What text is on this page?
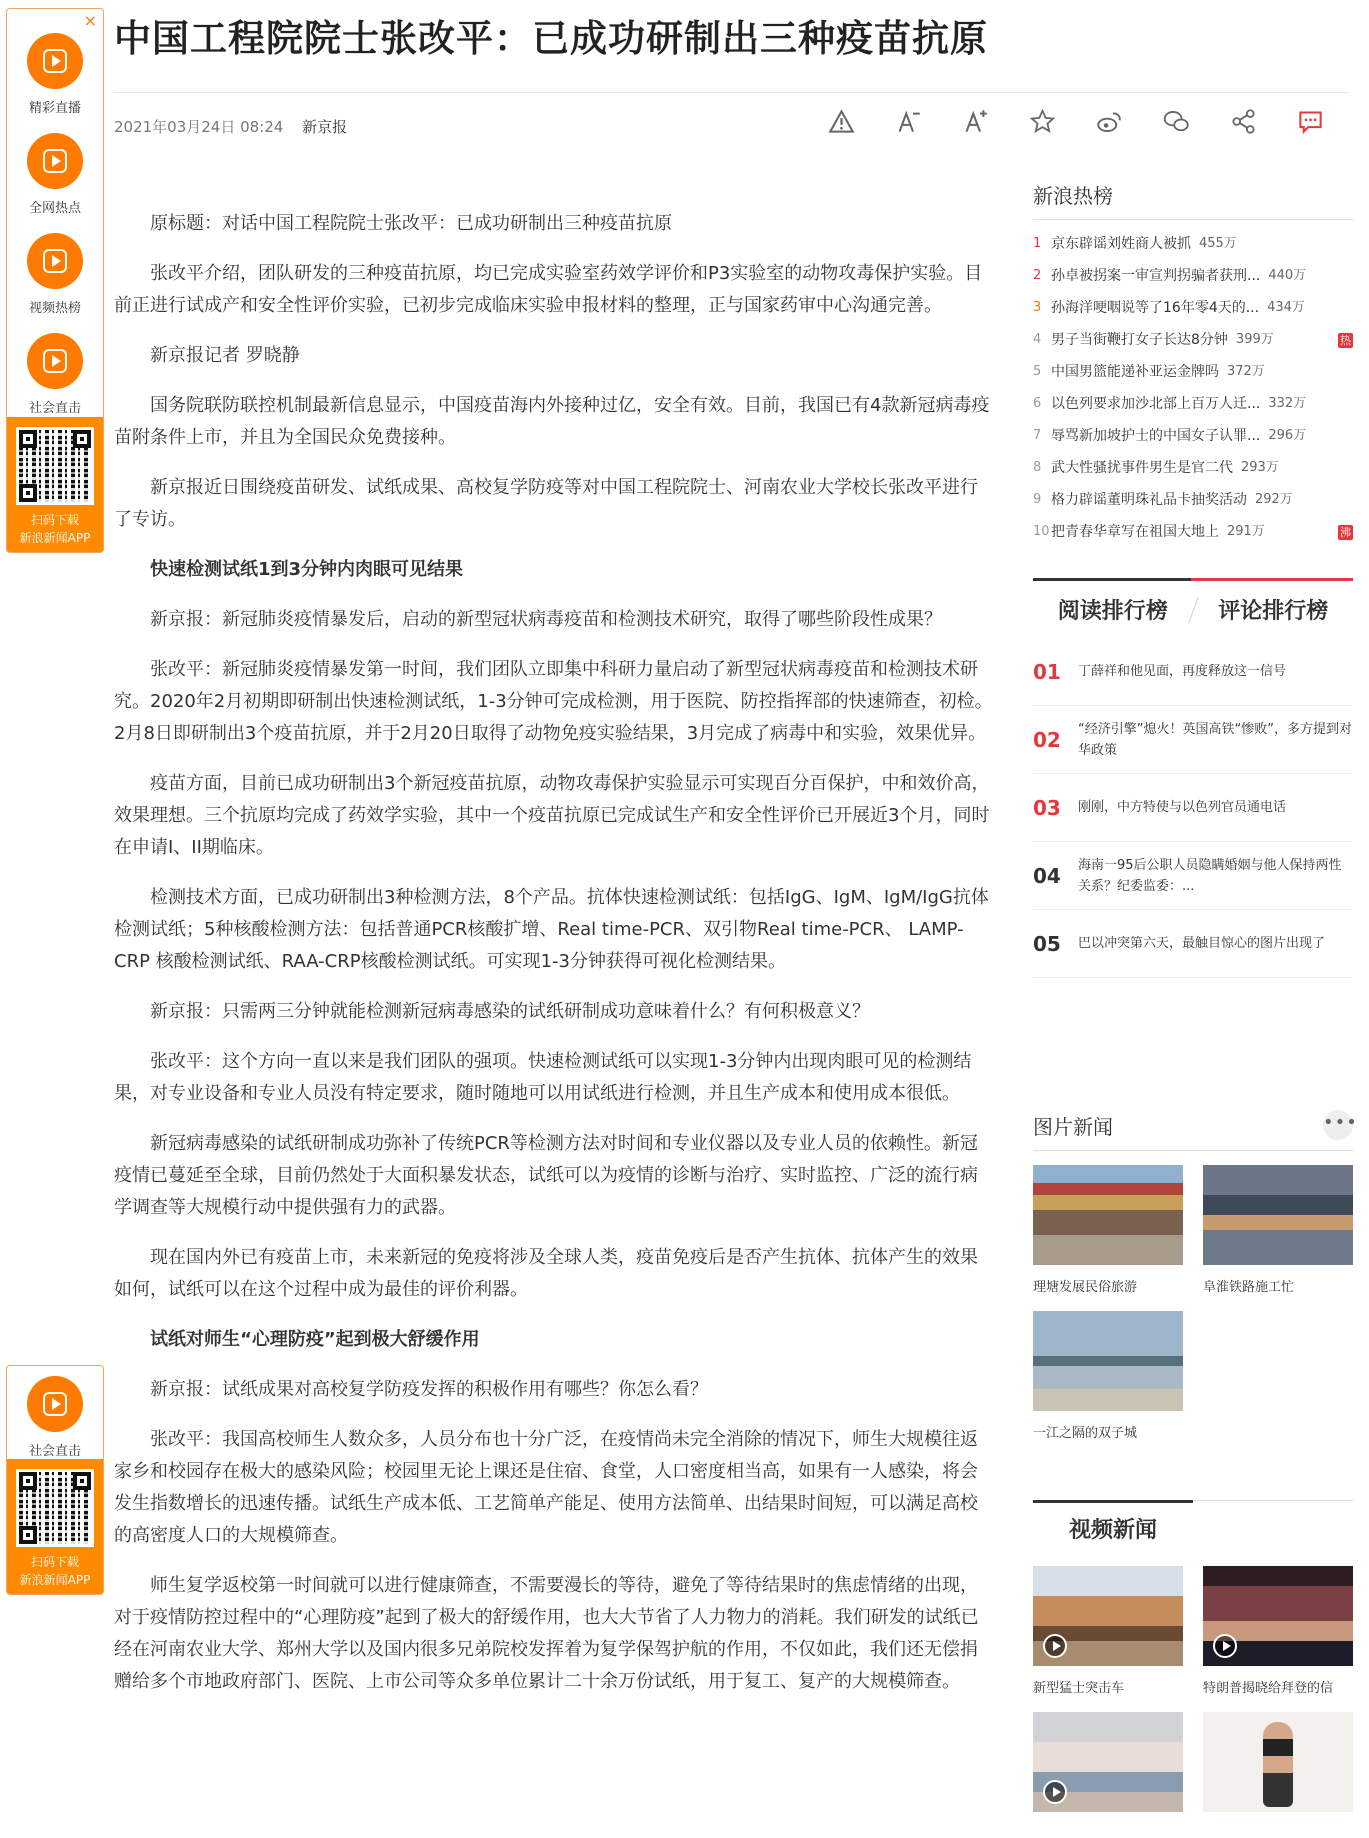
×
精彩直播
全网热点
视频热榜
社会直击
扫码下载
新浪新闻APP
社会直击
扫码下载
新浪新闻APP
中国工程院院士张改平：已成功研制出三种疫苗抗原
2021年03月24日 08:24 新京报

原标题：对话中国工程院院士张改平：已成功研制出三种疫苗抗原

张改平介绍，团队研发的三种疫苗抗原，均已完成实验室药效学评价和P3实验室的动物攻毒保护实验。目前正进行试成产和安全性评价实验，已初步完成临床实验申报材料的整理，正与国家药审中心沟通完善。

新京报记者 罗晓静

国务院联防联控机制最新信息显示，中国疫苗海内外接种过亿，安全有效。目前，我国已有4款新冠病毒疫苗附条件上市，并且为全国民众免费接种。

新京报近日围绕疫苗研发、试纸成果、高校复学防疫等对中国工程院院士、河南农业大学校长张改平进行了专访。

快速检测试纸1到3分钟内肉眼可见结果

新京报：新冠肺炎疫情暴发后，启动的新型冠状病毒疫苗和检测技术研究，取得了哪些阶段性成果？

张改平：新冠肺炎疫情暴发第一时间，我们团队立即集中科研力量启动了新型冠状病毒疫苗和检测技术研究。2020年2月初期即研制出快速检测试纸，1-3分钟可完成检测，用于医院、防控指挥部的快速筛查，初检。2月8日即研制出3个疫苗抗原，并于2月20日取得了动物免疫实验结果，3月完成了病毒中和实验，效果优异。

疫苗方面，目前已成功研制出3个新冠疫苗抗原，动物攻毒保护实验显示可实现百分百保护，中和效价高，效果理想。三个抗原均完成了药效学实验，其中一个疫苗抗原已完成试生产和安全性评价已开展近3个月，同时在申请I、II期临床。

检测技术方面，已成功研制出3种检测方法，8个产品。抗体快速检测试纸：包括IgG、IgM、IgM/IgG抗体检测试纸；5种核酸检测方法：包括普通PCR核酸扩增、Real time-PCR、双引物Real time-PCR、 LAMP-CRP 核酸检测试纸、RAA-CRP核酸检测试纸。可实现1-3分钟获得可视化检测结果。

新京报：只需两三分钟就能检测新冠病毒感染的试纸研制成功意味着什么？有何积极意义？

张改平：这个方向一直以来是我们团队的强项。快速检测试纸可以实现1-3分钟内出现肉眼可见的检测结果，对专业设备和专业人员没有特定要求，随时随地可以用试纸进行检测，并且生产成本和使用成本很低。

新冠病毒感染的试纸研制成功弥补了传统PCR等检测方法对时间和专业仪器以及专业人员的依赖性。新冠疫情已蔓延至全球，目前仍然处于大面积暴发状态，试纸可以为疫情的诊断与治疗、实时监控、广泛的流行病学调查等大规模行动中提供强有力的武器。

现在国内外已有疫苗上市，未来新冠的免疫将涉及全球人类，疫苗免疫后是否产生抗体、抗体产生的效果如何，试纸可以在这个过程中成为最佳的评价利器。

试纸对师生“心理防疫”起到极大舒缓作用

新京报：试纸成果对高校复学防疫发挥的积极作用有哪些？你怎么看？

张改平：我国高校师生人数众多，人员分布也十分广泛，在疫情尚未完全消除的情况下，师生大规模往返家乡和校园存在极大的感染风险；校园里无论上课还是住宿、食堂，人口密度相当高，如果有一人感染，将会发生指数增长的迅速传播。试纸生产成本低、工艺简单产能足、使用方法简单、出结果时间短，可以满足高校的高密度人口的大规模筛查。

师生复学返校第一时间就可以进行健康筛查，不需要漫长的等待，避免了等待结果时的焦虑情绪的出现，对于疫情防控过程中的“心理防疫”起到了极大的舒缓作用，也大大节省了人力物力的消耗。我们研发的试纸已经在河南农业大学、郑州大学以及国内很多兄弟院校发挥着为复学保驾护航的作用，不仅如此，我们还无偿捐赠给多个市地政府部门、医院、上市公司等众多单位累计二十余万份试纸，用于复工、复产的大规模筛查。

新浪热榜
1 京东辟谣刘姓商人被抓 455万
2 孙卓被拐案一审宣判拐骗者获刑... 440万
3 孙海洋哽咽说等了16年零4天的... 434万
4 男子当街鞭打女子长达8分钟 399万	热
5 中国男篮能递补亚运金牌吗 372万
6 以色列要求加沙北部上百万人迁... 332万
7 辱骂新加坡护士的中国女子认罪... 296万
8 武大性骚扰事件男生是官二代 293万
9 格力辟谣董明珠礼品卡抽奖活动 292万
10 把青春华章写在祖国大地上 291万	沸
阅读排行榜	评论排行榜
01	丁薛祥和他见面，再度释放这一信号
02	“经济引擎”熄火！英国高铁“惨败”，多方提到对华政策
03	刚刚，中方特使与以色列官员通电话
04	海南一95后公职人员隐瞒婚姻与他人保持两性关系？纪委监委：...
05	巴以冲突第六天，最触目惊心的图片出现了
图片新闻	•••
理塘发展民俗旅游	阜淮铁路施工忙
一江之隔的双子城
视频新闻
新型猛士突击车	特朗普揭晓给拜登的信
